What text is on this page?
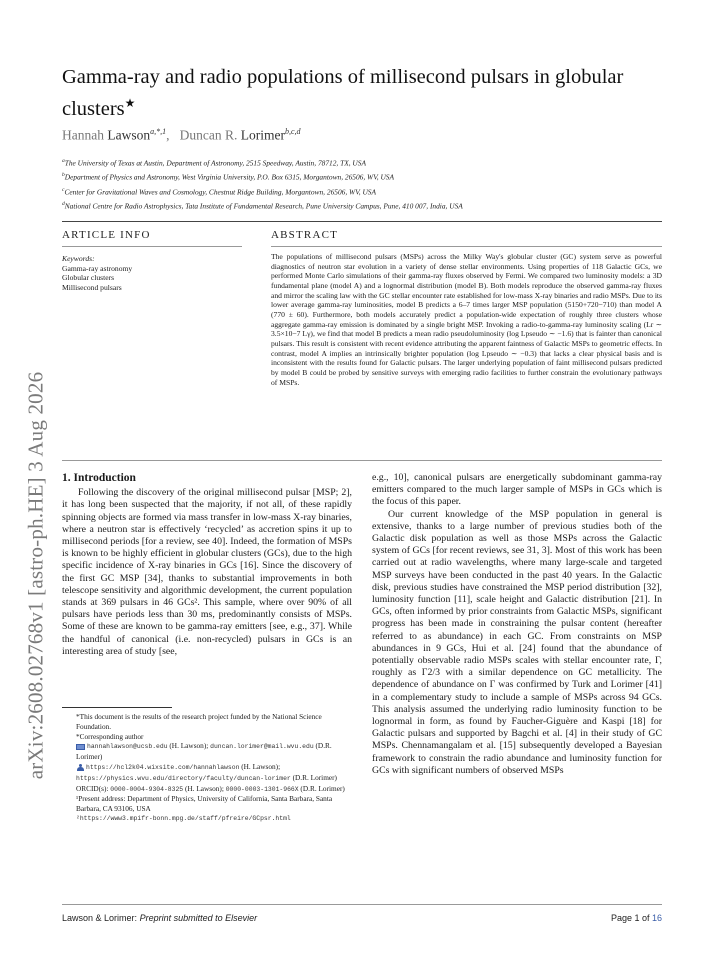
arXiv:2608.02768v1 [astro-ph.HE] 3 Aug 2026
Gamma-ray and radio populations of millisecond pulsars in globular clusters★
Hannah Lawson$^{a,*,1}$, Duncan R. Lorimer$^{b,c,d}$
$^a$The University of Texas at Austin, Department of Astronomy, 2515 Speedway, Austin, 78712, TX, USA
$^b$Department of Physics and Astronomy, West Virginia University, P.O. Box 6315, Morgantown, 26506, WV, USA
$^c$Center for Gravitational Waves and Cosmology, Chestnut Ridge Building, Morgantown, 26506, WV, USA
$^d$National Centre for Radio Astrophysics, Tata Institute of Fundamental Research, Pune University Campus, Pune, 410 007, India, USA
ARTICLE INFO	ABSTRACT
Keywords:
Gamma-ray astronomy
Globular clusters
Millisecond pulsars
The populations of millisecond pulsars (MSPs) across the Milky Way's globular cluster (GC) system serve as powerful diagnostics of neutron star evolution in a variety of dense stellar environments. Using properties of 118 Galactic GCs, we performed Monte Carlo simulations of their gamma-ray fluxes observed by Fermi. We compared two luminosity models: a 3D fundamental plane (model A) and a lognormal distribution (model B). Both models reproduce the observed gamma-ray fluxes and mirror the scaling law with the GC stellar encounter rate established for low-mass X-ray binaries and radio MSPs. Due to its lower average gamma-ray luminosities, model B predicts a 6–7 times larger MSP population (5150+720−710) than model A (770 ± 60). Furthermore, both models accurately predict a population-wide expectation of roughly three clusters whose aggregate gamma-ray emission is dominated by a single bright MSP. Invoking a radio-to-gamma-ray luminosity scaling (Lr ∼ 3.5×10−7 Lγ), we find that model B predicts a mean radio pseudoluminosity (log Lpseudo ∼ −1.6) that is fainter than canonical pulsars. This result is consistent with recent evidence attributing the apparent faintness of Galactic MSPs to geometric effects. In contrast, model A implies an intrinsically brighter population (log Lpseudo ∼ −0.3) that lacks a clear physical basis and is inconsistent with the results found for Galactic pulsars. The larger underlying population of faint millisecond pulsars predicted by model B could be probed by sensitive surveys with emerging radio facilities to further constrain the evolutionary pathways of MSPs.
1. Introduction

Following the discovery of the original millisecond pulsar [MSP; 2], it has long been suspected that the majority, if not all, of these rapidly spinning objects are formed via mass transfer in low-mass X-ray binaries, where a neutron star is effectively ‘recycled’ as accretion spins it up to millisecond periods [for a review, see 40]. Indeed, the formation of MSPs is known to be highly efficient in globular clusters (GCs), due to the high specific incidence of X-ray binaries in GCs [16]. Since the discovery of the first GC MSP [34], thanks to substantial improvements in both telescope sensitivity and algorithmic development, the current population stands at 369 pulsars in 46 GCs². This sample, where over 90% of all pulsars have periods less than 30 ms, predominantly consists of MSPs. Some of these are known to be gamma-ray emitters [see, e.g., 37]. While the handful of canonical (i.e. non-recycled) pulsars in GCs is an interesting area of study [see,

e.g., 10], canonical pulsars are energetically subdominant gamma-ray emitters compared to the much larger sample of MSPs in GCs which is the focus of this paper.

Our current knowledge of the MSP population in general is extensive, thanks to a large number of previous studies both of the Galactic disk population as well as those MSPs across the Galactic system of GCs [for recent reviews, see 31, 3]. Most of this work has been carried out at radio wavelengths, where many large-scale and targeted MSP surveys have been conducted in the past 40 years. In the Galactic disk, previous studies have constrained the MSP period distribution [32], luminosity function [11], scale height and Galactic distribution [21]. In GCs, often informed by prior constraints from Galactic MSPs, significant progress has been made in constraining the pulsar content (hereafter referred to as abundance) in each GC. From constraints on MSP abundances in 9 GCs, Hui et al. [24] found that the abundance of potentially observable radio MSPs scales with stellar encounter rate, Γ, roughly as Γ2/3 with a similar dependence on GC metallicity. The dependence of abundance on Γ was confirmed by Turk and Lorimer [41] in a complementary study to include a sample of MSPs across 94 GCs. This analysis assumed the underlying radio luminosity function to be lognormal in form, as found by Faucher-Giguère and Kaspi [18] for Galactic pulsars and supported by Bagchi et al. [4] in their study of GC MSPs. Chennamangalam et al. [15] subsequently developed a Bayesian framework to constrain the radio abundance and luminosity function for GCs with significant numbers of observed MSPs

*This document is the results of the research project funded by the National Science Foundation.
*Corresponding author
hannahlawson@ucsb.edu (H. Lawson); duncan.lorimer@mail.wvu.edu (D.R. Lorimer)
https://hcl2k04.wixsite.com/hannahlawson (H. Lawson); https://physics.wvu.edu/directory/faculty/duncan-lorimer (D.R. Lorimer)
ORCID(s): 0000-0004-9304-8325 (H. Lawson); 0000-0003-1301-966X (D.R. Lorimer)
¹Present address: Department of Physics, University of California, Santa Barbara, Santa Barbara, CA 93106, USA
²https://www3.mpifr-bonn.mpg.de/staff/pfreire/GCpsr.html
Lawson & Lorimer: Preprint submitted to Elsevier	Page 1 of 16
